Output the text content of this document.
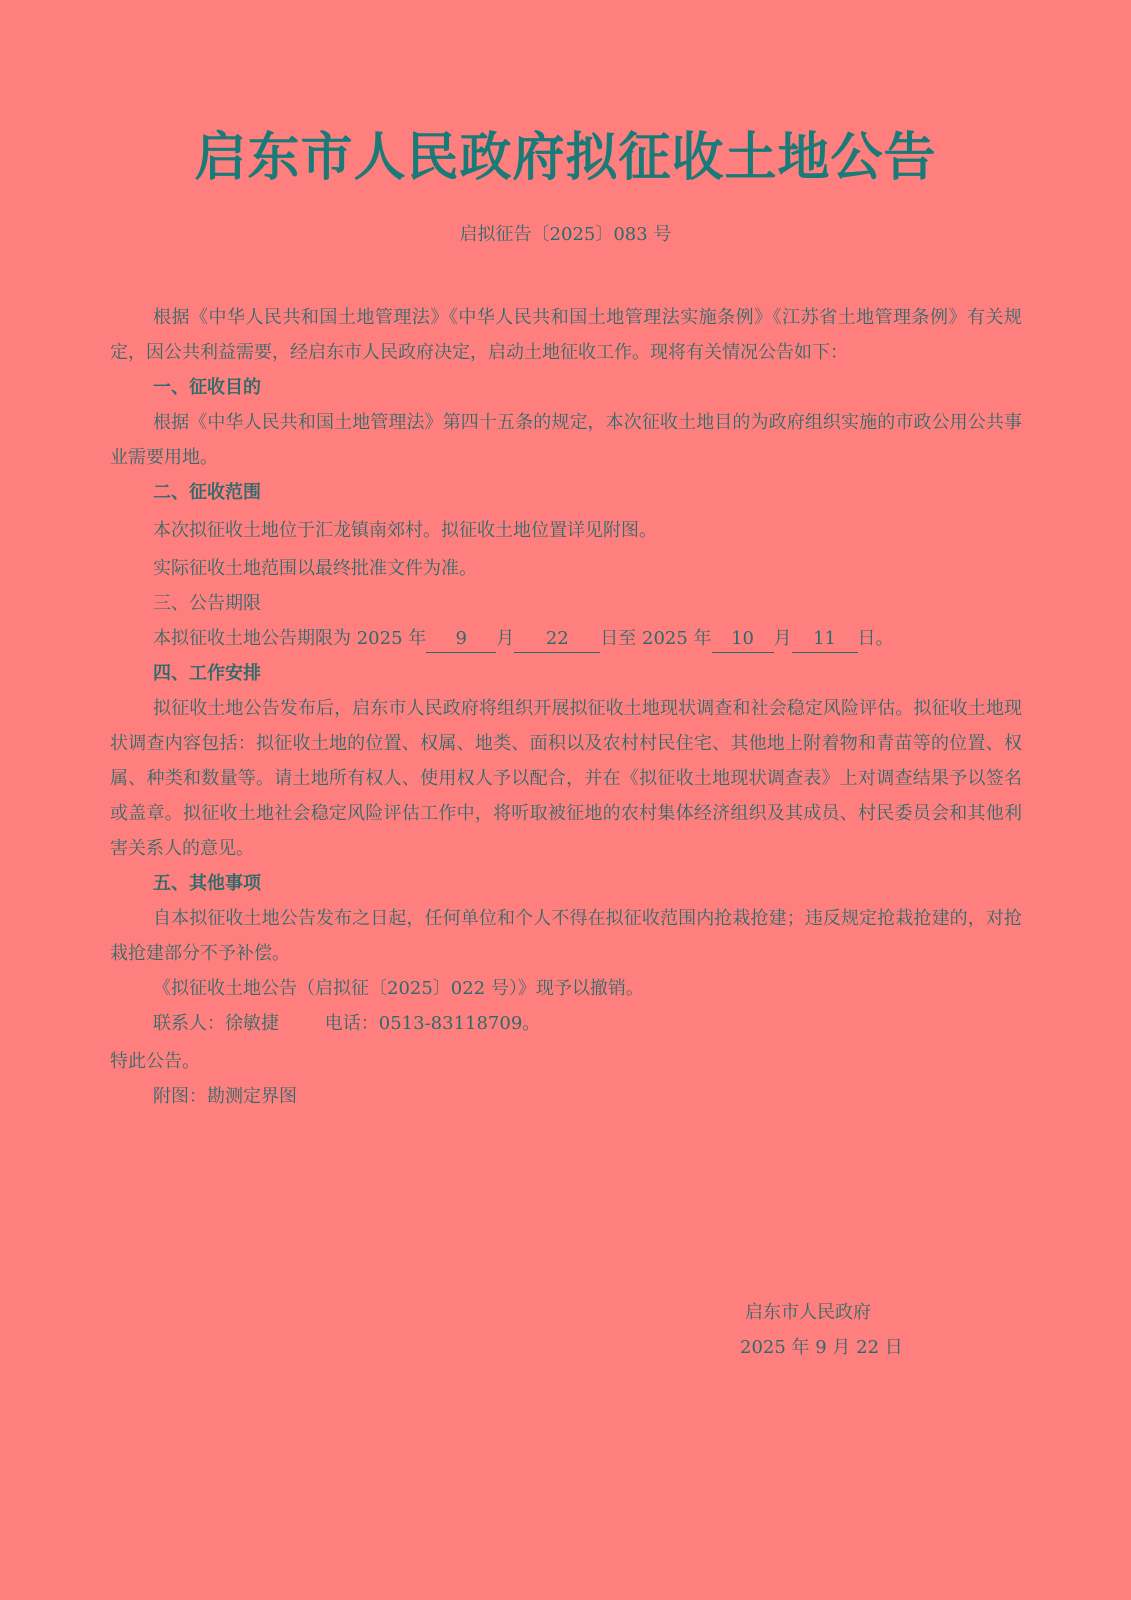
启东市人民政府拟征收土地公告
启拟征告〔2025〕083 号

根据《中华人民共和国土地管理法》《中华人民共和国土地管理法实施条例》《江苏省土地管理条例》有关规定，因公共利益需要，经启东市人民政府决定，启动土地征收工作。现将有关情况公告如下：

一、征收目的

根据《中华人民共和国土地管理法》第四十五条的规定，本次征收土地目的为政府组织实施的市政公用公共事业需要用地。

二、征收范围

本次拟征收土地位于汇龙镇南郊村。拟征收土地位置详见附图。

实际征收土地范围以最终批准文件为准。

三、公告期限

本拟征收土地公告期限为 2025 年 9 月 22 日至 2025 年 10 月 11 日。

四、工作安排

拟征收土地公告发布后，启东市人民政府将组织开展拟征收土地现状调查和社会稳定风险评估。拟征收土地现状调查内容包括：拟征收土地的位置、权属、地类、面积以及农村村民住宅、其他地上附着物和青苗等的位置、权属、种类和数量等。请土地所有权人、使用权人予以配合，并在《拟征收土地现状调查表》上对调查结果予以签名或盖章。拟征收土地社会稳定风险评估工作中，将听取被征地的农村集体经济组织及其成员、村民委员会和其他利害关系人的意见。

五、其他事项

自本拟征收土地公告发布之日起，任何单位和个人不得在拟征收范围内抢栽抢建；违反规定抢栽抢建的，对抢栽抢建部分不予补偿。

《拟征收土地公告（启拟征〔2025〕022 号）》现予以撤销。

联系人：徐敏捷        电话：0513-83118709。

特此公告。

附图：勘测定界图

启东市人民政府
2025 年 9 月 22 日
